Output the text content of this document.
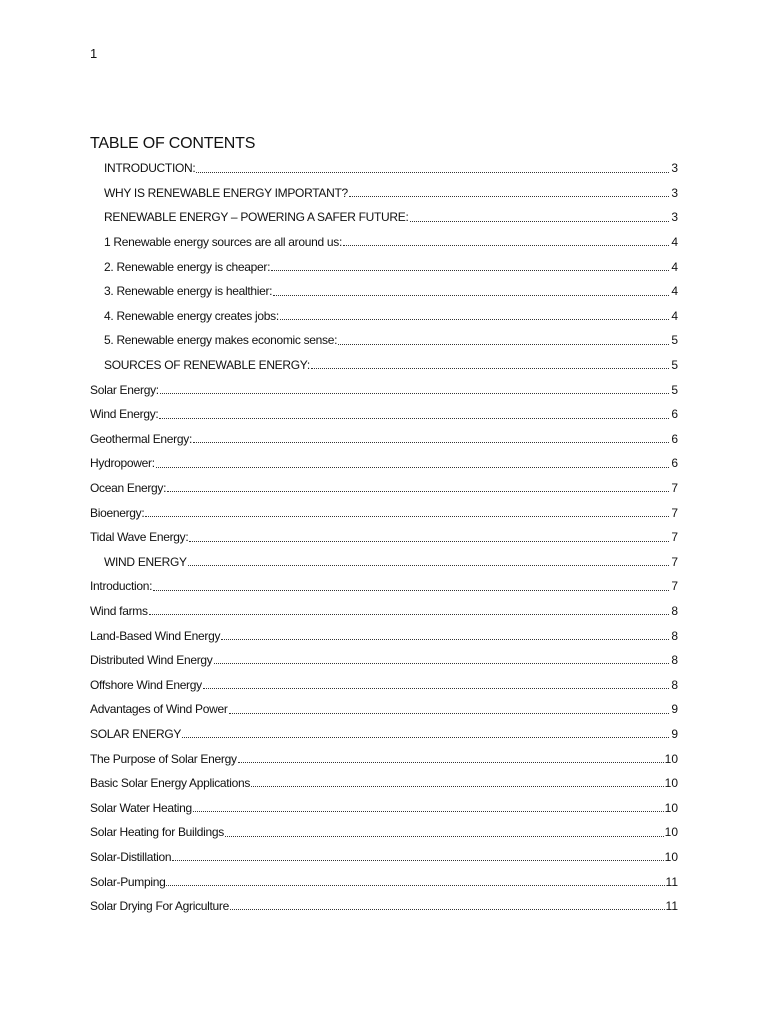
1
TABLE OF CONTENTS
INTRODUCTION:	3
WHY IS RENEWABLE ENERGY IMPORTANT?	3
RENEWABLE ENERGY – POWERING A SAFER FUTURE:	3
1 Renewable energy sources are all around us:	4
2. Renewable energy is cheaper:	4
3. Renewable energy is healthier:	4
4. Renewable energy creates jobs:	4
5. Renewable energy makes economic sense:	5
SOURCES OF RENEWABLE ENERGY:	5
Solar Energy:	5
Wind Energy:	6
Geothermal Energy:	6
Hydropower:	6
Ocean Energy:	7
Bioenergy:	7
Tidal Wave Energy:	7
WIND ENERGY	7
Introduction:	7
Wind farms	8
Land-Based Wind Energy	8
Distributed Wind Energy	8
Offshore Wind Energy	8
Advantages of Wind Power	9
SOLAR ENERGY	9
The Purpose of Solar Energy	10
Basic Solar Energy Applications	10
Solar Water Heating	10
Solar Heating for Buildings	10
Solar-Distillation	10
Solar-Pumping	11
Solar Drying For Agriculture	11
